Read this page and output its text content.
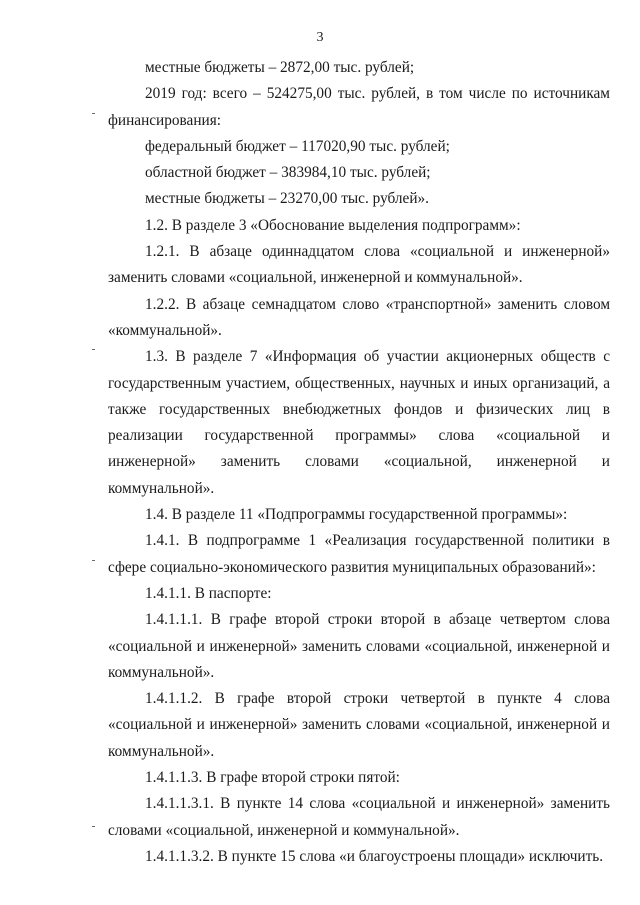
3

местные бюджеты – 2872,00 тыс. рублей;

2019 год: всего – 524275,00 тыс. рублей, в том числе по источникам финансирования:

федеральный бюджет – 117020,90 тыс. рублей;

областной бюджет – 383984,10 тыс. рублей;

местные бюджеты – 23270,00 тыс. рублей».

1.2. В разделе 3 «Обоснование выделения подпрограмм»:

1.2.1. В абзаце одиннадцатом слова «социальной и инженерной» заменить словами «социальной, инженерной и коммунальной».

1.2.2. В абзаце семнадцатом слово «транспортной» заменить словом «коммунальной».

1.3. В разделе 7 «Информация об участии акционерных обществ с государственным участием, общественных, научных и иных организаций, а также государственных внебюджетных фондов и физических лиц в реализации государственной программы» слова «социальной и инженерной» заменить словами «социальной, инженерной и коммунальной».

1.4. В разделе 11 «Подпрограммы государственной программы»:

1.4.1. В подпрограмме 1 «Реализация государственной политики в сфере социально-экономического развития муниципальных образований»:

1.4.1.1. В паспорте:

1.4.1.1.1. В графе второй строки второй в абзаце четвертом слова «социальной и инженерной» заменить словами «социальной, инженерной и коммунальной».

1.4.1.1.2. В графе второй строки четвертой в пункте 4 слова «социальной и инженерной» заменить словами «социальной, инженерной и коммунальной».

1.4.1.1.3. В графе второй строки пятой:

1.4.1.1.3.1. В пункте 14 слова «социальной и инженерной» заменить словами «социальной, инженерной и коммунальной».

1.4.1.1.3.2. В пункте 15 слова «и благоустроены площади» исключить.
